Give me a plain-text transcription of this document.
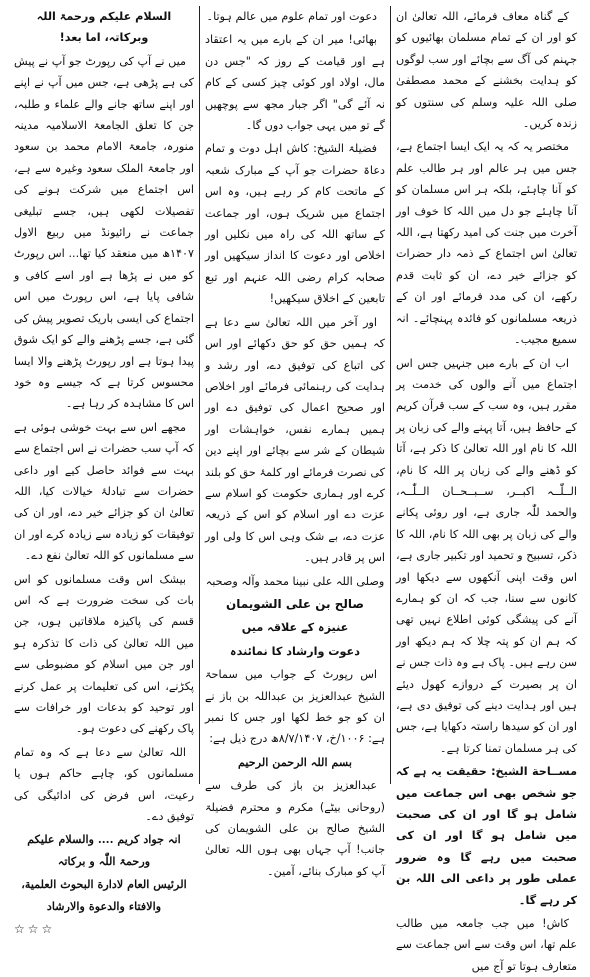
کے گناہ معاف فرمائے، اللہ تعالیٰ ان کو اور ان کے تمام مسلمان بھائیوں کو جہنم کی آگ سے بچائے اور سب لوگوں کو ہدایت بخشنے کے محمد مصطفیٰ صلی اللہ علیہ وسلم کی سنتوں کو زندہ کریں۔

مختصر یہ کہ یہ ایک ایسا اجتماع ہے، جس میں ہر عالم اور ہر طالب علم کو آنا چاہئے، بلکہ ہر اس مسلمان کو آنا چاہئے جو دل میں اللہ کا خوف اور آخرت میں جنت کی امید رکھتا ہے، اللہ تعالیٰ اس اجتماع کے ذمہ دار حضرات کو جزائے خیر دے، ان کو ثابت قدم رکھے، ان کی مدد فرمائے اور ان کے ذریعہ مسلمانوں کو فائدہ پہنچائے۔ انہ سمیع مجیب۔

اب ان کے بارے میں جنہیں جس اس اجتماع میں آنے والوں کی خدمت پر مقرر ہیں، وہ سب کے سب قرآن کریم کے حافظ ہیں، آتا پہنے والے کی زبان پر اللہ کا نام اور اللہ تعالیٰ کا ذکر ہے، آتا کو ڈھنے والے کی زبان پر اللہ کا نام، الــلّٰــہ اکبــر، ســبــحــان الــلّٰــہ، والحمد للّٰہ جاری ہے، اور روئی پکانے والے کی زبان پر بھی اللہ کا نام، اللہ کا ذکر، تسبیح و تحمید اور تکبیر جاری ہے، اس وقت اپنی آنکھوں سے دیکھا اور کانوں سے سنا، جب کہ ان کو ہمارے آنے کی پیشگی کوئی اطلاع نہیں تھی کہ ہم ان کو پتہ چلا کہ ہم دیکھ اور سن رہے ہیں۔ پاک ہے وہ ذات جس نے ان پر بصیرت کے دروازے کھول دیئے ہیں اور ہدایت دینے کی توفیق دی ہے، اور ان کو سیدھا راستہ دکھایا ہے، جس کی ہر مسلمان تمنا کرتا ہے۔

مســاحة الشیخ: حقیقت یہ ہے کہ جو شخص بھی اس جماعت میں شامل ہو گا اور ان کی صحبت میں شامل ہو گا اور ان کی صحبت میں رہے گا وہ ضرور عملی طور پر داعی الی اللہ بن کر رہے گا۔

کاش! میں جب جامعہ میں طالب علم تھا، اس وقت سے اس جماعت سے متعارف ہوتا تو آج میں

دعوت اور تمام علوم میں عالم ہوتا۔

بھائی! میر ان کے بارے میں یہ اعتقاد ہے اور قیامت کے روز کہ "جس دن مال، اولاد اور کوئی چیز کسی کے کام نہ آئے گی" اگر جبار مجھ سے پوچھیں گے تو میں یہی جواب دوں گا۔

فضیلۃ الشیخ: کاش اہل دوت و تمام دعاۃ حضرات جو آپ کے مبارک شعبہ کے ماتحت کام کر رہے ہیں، وہ اس اجتماع میں شریک ہوں، اور جماعت کے ساتھ اللہ کی راہ میں نکلیں اور اخلاص اور دعوت کا انداز سیکھیں اور صحابہ کرام رضی اللہ عنہم اور تبع تابعین کے اخلاق سیکھیں!

اور آخر میں اللہ تعالیٰ سے دعا ہے کہ ہمیں حق کو حق دکھائے اور اس کی اتباع کی توفیق دے، اور رشد و ہدایت کی رہنمائی فرمائے اور اخلاص اور صحیح اعمال کی توفیق دے اور ہمیں ہمارے نفس، خواہشات اور شیطان کے شر سے بچائے اور اپنے دین کی نصرت فرمائے اور کلمۂ حق کو بلند کرے اور ہماری حکومت کو اسلام سے عزت دے اور اسلام کو اس کے ذریعہ عزت دے، بے شک وہی اس کا ولی اور اس پر قادر ہیں۔

وصلی اللہ علی نبینا محمد وآلہ وصحبہ

صالح بن علی الشویمان

عنیزہ کے علاقہ میں

دعوت وارشاد کا نمائندہ

اس رپورٹ کے جواب میں سماحۃ الشیخ عبدالعزیز بن عبداللہ بن باز نے ان کو جو خط لکھا اور جس کا نمبر ہے: ۱۰۰۶/خ، ۸/۷/۱۴۰۷ھ درج ذیل ہے:

بسم اللہ الرحمن الرحیم

عبدالعزیز بن باز کی طرف سے (روحانی بیٹے) مکرم و محترم فضیلۃ الشیخ صالح بن علی الشویمان کی جانب! آپ جہاں بھی ہوں اللہ تعالیٰ آپ کو مبارک بنائے، آمین۔

السلام علیکم ورحمۃ اللہ وبرکاتہ، اما بعد!

میں نے آپ کی رپورٹ جو آپ نے پیش کی ہے پڑھی ہے، جس میں آپ نے اپنے اور اپنے ساتھ جانے والے علماء و طلبہ، جن کا تعلق الجامعۃ الاسلامیہ مدینہ منورہ، جامعۃ الامام محمد بن سعود اور جامعۃ الملک سعود وغیرہ سے ہے، اس اجتماع میں شرکت ہونے کی تفصیلات لکھی ہیں، جسے تبلیغی جماعت نے رائیونڈ میں ربیع الاول ۱۴۰۷ھ میں منعقد کیا تھا... اس رپورٹ کو میں نے پڑھا ہے اور اسے کافی و شافی پایا ہے، اس رپورٹ میں اس اجتماع کی ایسی باریک تصویر پیش کی گئی ہے، جسے پڑھنے والے کو ایک شوق پیدا ہوتا ہے اور رپورٹ پڑھنے والا ایسا محسوس کرتا ہے کہ جیسے وہ خود اس کا مشاہدہ کر رہا ہے۔

مجھے اس سے بہت خوشی ہوئی ہے کہ آپ سب حضرات نے اس اجتماع سے بہت سے فوائد حاصل کیے اور داعی حضرات سے تبادلۂ خیالات کیا، اللہ تعالیٰ ان کو جزائے خیر دے، اور ان کی توفیقات کو زیادہ سے زیادہ کرے اور ان سے مسلمانوں کو اللہ تعالیٰ نفع دے۔

بیشک اس وقت مسلمانوں کو اس بات کی سخت ضرورت ہے کہ اس قسم کی پاکیزہ ملاقاتیں ہوں، جن میں اللہ تعالیٰ کی ذات کا تذکرہ ہو اور جن میں اسلام کو مضبوطی سے پکڑنے، اس کی تعلیمات پر عمل کرنے اور توحید کو بدعات اور خرافات سے پاک رکھنے کی دعوت ہو۔

اللہ تعالیٰ سے دعا ہے کہ وہ تمام مسلمانوں کو، چاہے حاکم ہوں یا رعیت، اس فرض کی ادائیگی کی توفیق دے۔

انہ جواد کریم .... والسلام علیکم ورحمۃ اللّٰہ و برکاتہ

الرئیس العام لادارة البحوث العلمیة، والافتاء والدعوة والارشاد

☆☆☆
